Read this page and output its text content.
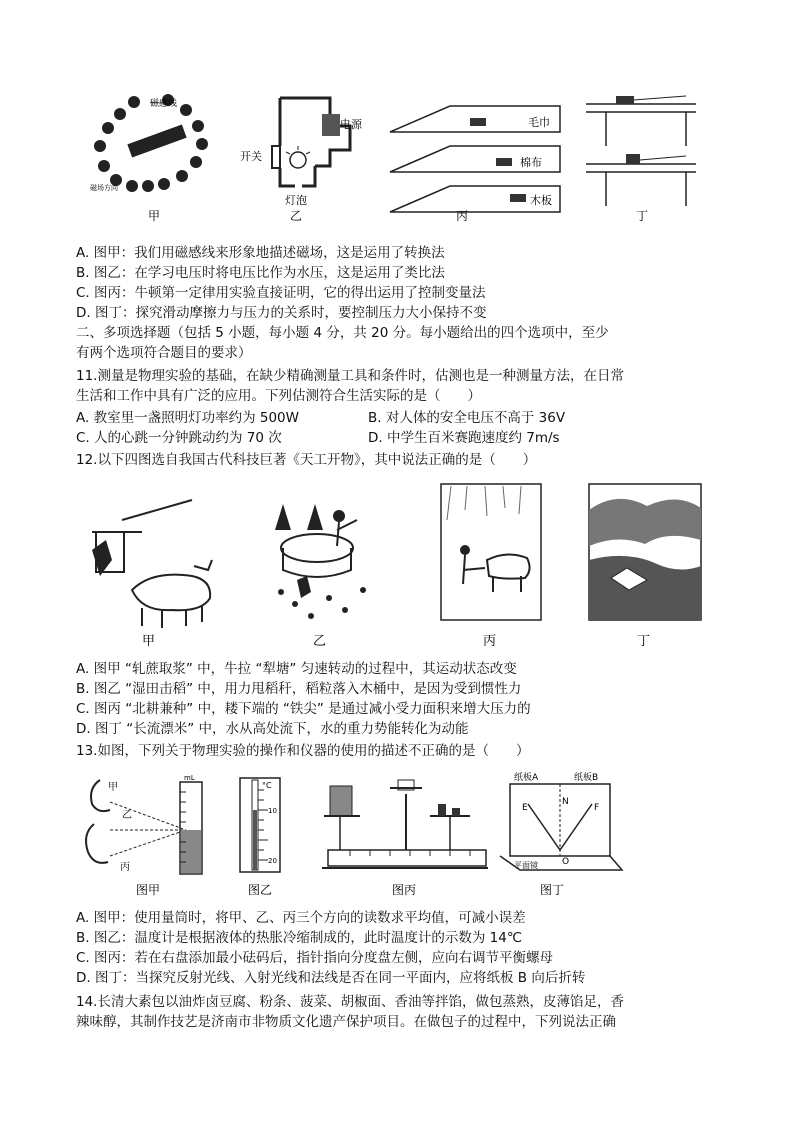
磁感线
磁场方向
甲
电源
开关
灯泡
乙
毛巾
棉布
木板
丙	丁
A. 图甲：我们用磁感线来形象地描述磁场，这是运用了转换法
B. 图乙：在学习电压时将电压比作为水压，这是运用了类比法
C. 图丙：牛顿第一定律用实验直接证明，它的得出运用了控制变量法
D. 图丁：探究滑动摩擦力与压力的关系时，要控制压力大小保持不变
二、多项选择题（包括 5 小题，每小题 4 分，共 20 分。每小题给出的四个选项中，至少
有两个选项符合题目的要求）
11.测量是物理实验的基础，在缺少精确测量工具和条件时，估测也是一种测量方法，在日常
生活和工作中具有广泛的应用。下列估测符合生活实际的是（　　）
A. 教室里一盏照明灯功率约为 500W	B. 对人体的安全电压不高于 36V
C. 人的心跳一分钟跳动约为 70 次	D. 中学生百米赛跑速度约 7m/s
12.以下四图选自我国古代科技巨著《天工开物》，其中说法正确的是（　　）
甲	乙	丙	丁
A. 图甲 “轧蔗取浆” 中，牛拉 “犁塘” 匀速转动的过程中，其运动状态改变
B. 图乙 “湿田击稻” 中，用力甩稻秆，稻粒落入木桶中，是因为受到惯性力
C. 图丙 “北耕兼种” 中，耧下端的 “铁尖” 是通过减小受力面积来增大压力的
D. 图丁 “长流漂米” 中，水从高处流下，水的重力势能转化为动能
13.如图，下列关于物理实验的操作和仪器的使用的描述不正确的是（　　）
甲
乙
丙
mL
图甲
°C
10
20
图乙	图丙
纸板A	纸板B
E
N
F
O
平面镜
图丁
A. 图甲：使用量筒时，将甲、乙、丙三个方向的读数求平均值，可减小误差
B. 图乙：温度计是根据液体的热胀冷缩制成的，此时温度计的示数为 14℃
C. 图丙：若在右盘添加最小砝码后，指针指向分度盘左侧，应向右调节平衡螺母
D. 图丁：当探究反射光线、入射光线和法线是否在同一平面内，应将纸板 B 向后折转
14.长清大素包以油炸卤豆腐、粉条、菠菜、胡椒面、香油等拌馅，做包蒸熟，皮薄馅足，香
辣味醇，其制作技艺是济南市非物质文化遗产保护项目。在做包子的过程中，下列说法正确
